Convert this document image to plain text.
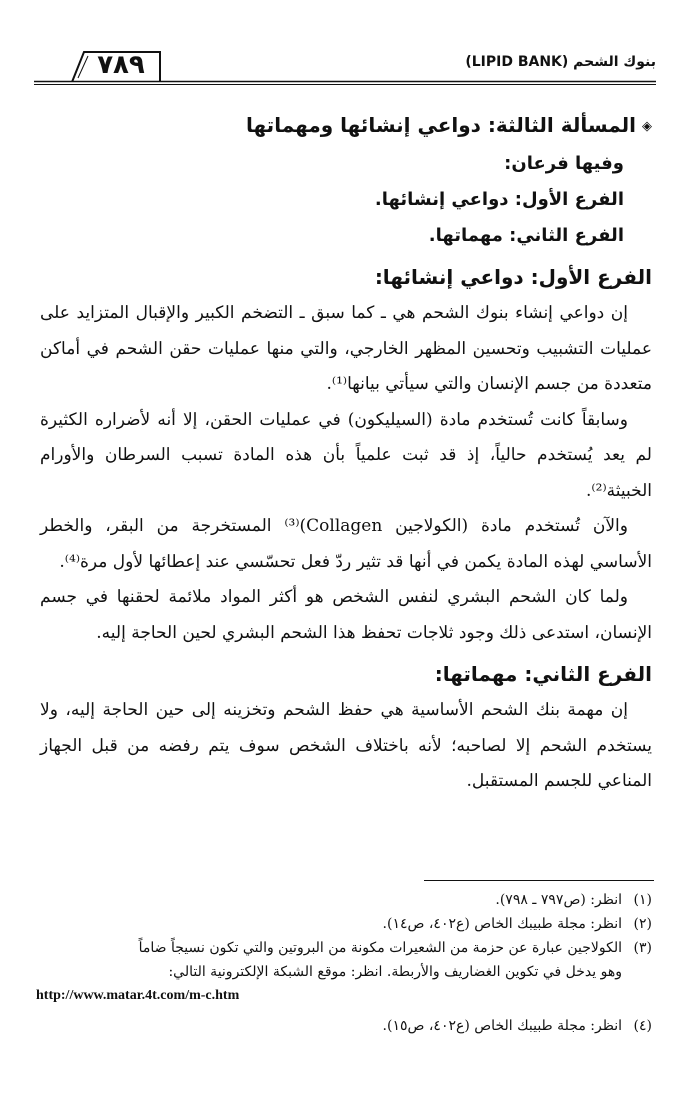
٧٨٩	بنوك الشحم (LIPID BANK)

◈المسألة الثالثة: دواعي إنشائها ومهماتها

وفيها فرعان:

الفرع الأول: دواعي إنشائها.

الفرع الثاني: مهماتها.

الفرع الأول: دواعي إنشائها:

إن دواعي إنشاء بنوك الشحم هي ـ كما سبق ـ التضخم الكبير والإقبال المتزايد على عمليات التشبيب وتحسين المظهر الخارجي، والتي منها عمليات حقن الشحم في أماكن متعددة من جسم الإنسان والتي سيأتي بيانها⁽¹⁾.

وسابقاً كانت تُستخدم مادة (السيليكون) في عمليات الحقن، إلا أنه لأضراره الكثيرة لم يعد يُستخدم حالياً، إذ قد ثبت علمياً بأن هذه المادة تسبب السرطان والأورام الخبيثة⁽²⁾.

والآن تُستخدم مادة (الكولاجين Collagen)⁽³⁾ المستخرجة من البقر، والخطر الأساسي لهذه المادة يكمن في أنها قد تثير ردّ فعل تحسّسي عند إعطائها لأول مرة⁽⁴⁾.

ولما كان الشحم البشري لنفس الشخص هو أكثر المواد ملائمة لحقنها في جسم الإنسان، استدعى ذلك وجود ثلاجات تحفظ هذا الشحم البشري لحين الحاجة إليه.

الفرع الثاني: مهماتها:

إن مهمة بنك الشحم الأساسية هي حفظ الشحم وتخزينه إلى حين الحاجة إليه، ولا يستخدم الشحم إلا لصاحبه؛ لأنه باختلاف الشخص سوف يتم رفضه من قبل الجهاز المناعي للجسم المستقبل.

(١)انظر: (ص٧٩٧ ـ ٧٩٨).

(٢)انظر: مجلة طبيبك الخاص (ع٤٠٢، ص١٤).

(٣)الكولاجين عبارة عن حزمة من الشعيرات مكونة من البروتين والتي تكون نسيجاً ضاماً

وهو يدخل في تكوين الغضاريف والأربطة. انظر: موقع الشبكة الإلكترونية التالي:

http://www.matar.4t.com/m-c.htm

(٤)انظر: مجلة طبيبك الخاص (ع٤٠٢، ص١٥).
